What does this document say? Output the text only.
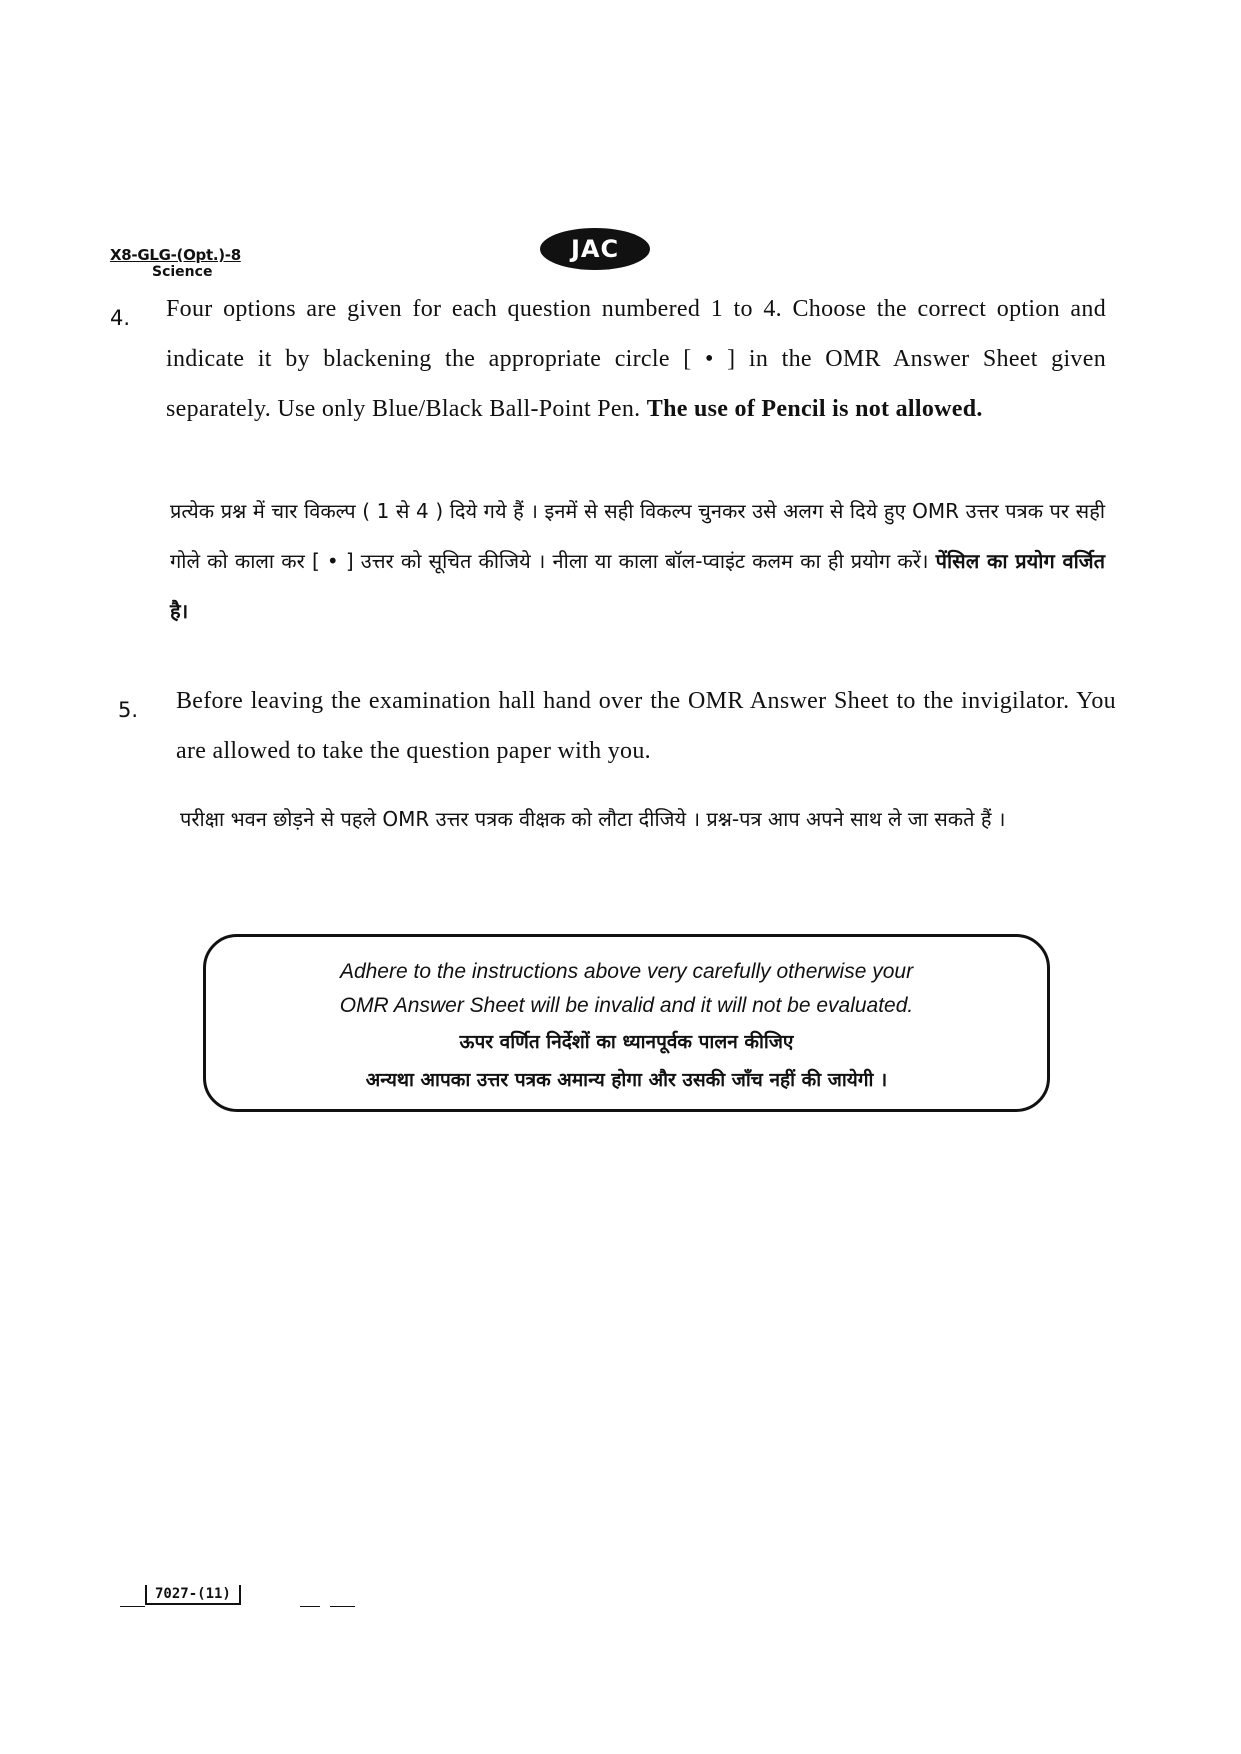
X8-GLG-(Opt.)-8
Science
JAC
4. Four options are given for each question numbered 1 to 4. Choose the correct option and indicate it by blackening the appropriate circle [ • ] in the OMR Answer Sheet given separately. Use only Blue/Black Ball-Point Pen. The use of Pencil is not allowed.
प्रत्येक प्रश्न में चार विकल्प ( 1 से 4 ) दिये गये हैं । इनमें से सही विकल्प चुनकर उसे अलग से दिये हुए OMR उत्तर पत्रक पर सही गोले को काला कर [ • ] उत्तर को सूचित कीजिये । नीला या काला बॉल-प्वाइंट कलम का ही प्रयोग करें। पेंसिल का प्रयोग वर्जित है।
5. Before leaving the examination hall hand over the OMR Answer Sheet to the invigilator. You are allowed to take the question paper with you.
परीक्षा भवन छोड़ने से पहले OMR उत्तर पत्रक वीक्षक को लौटा दीजिये । प्रश्न-पत्र आप अपने साथ ले जा सकते हैं ।

Adhere to the instructions above very carefully otherwise your

OMR Answer Sheet will be invalid and it will not be evaluated.

ऊपर वर्णित निर्देशों का ध्यानपूर्वक पालन कीजिए

अन्यथा आपका उत्तर पत्रक अमान्य होगा और उसकी जाँच नहीं की जायेगी ।

7027-(11)
